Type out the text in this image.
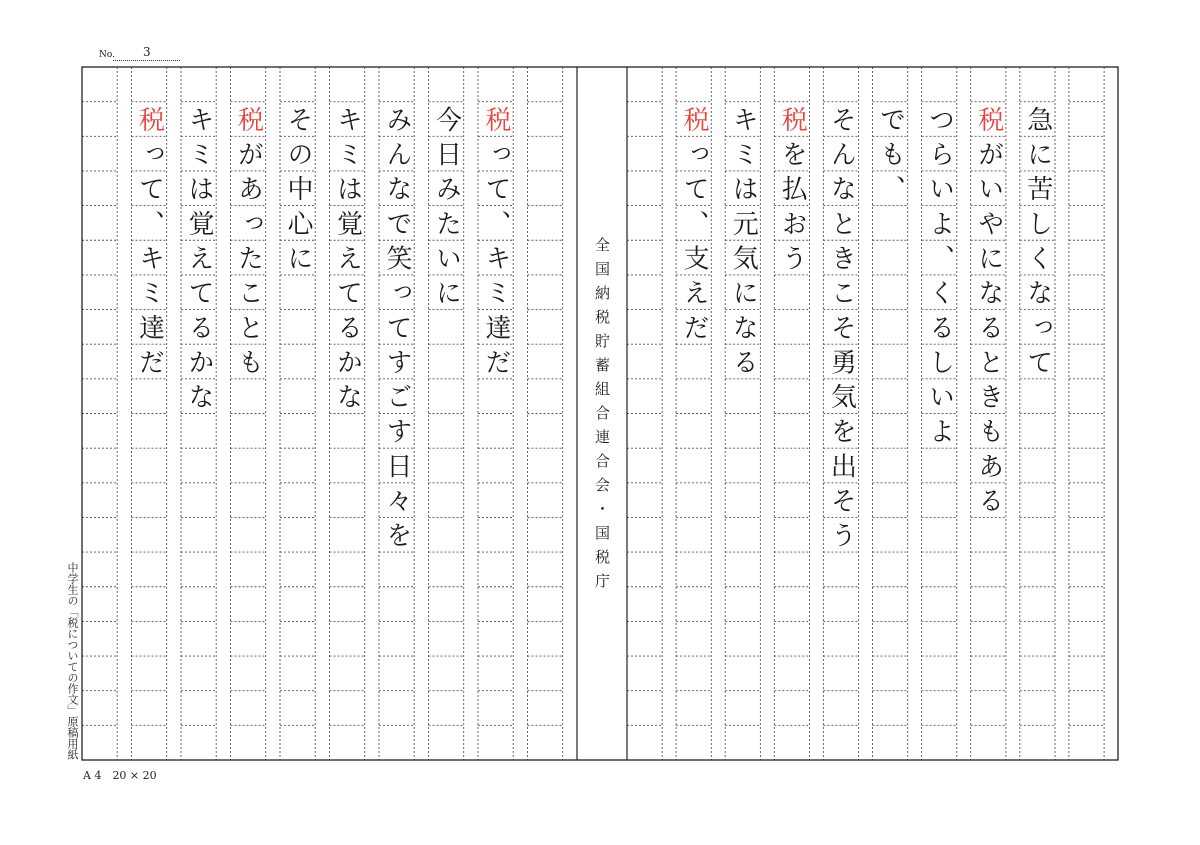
No. 3
中学生の「税についての作文」原稿用紙
全国納税貯蓄組合連合会・国税庁
A 4　20 × 20
急に苦しくなって
税がいやになるときもある
つらいよ、くるしいよ
でも、
そんなときこそ勇気を出そう
税を払おう
キミは元気になる
税って、支えだ
税って、キミ達だ
今日みたいに
みんなで笑ってすごす日々を
キミは覚えてるかな
その中心に
税があったことも
キミは覚えてるかな
税って、キミ達だ
